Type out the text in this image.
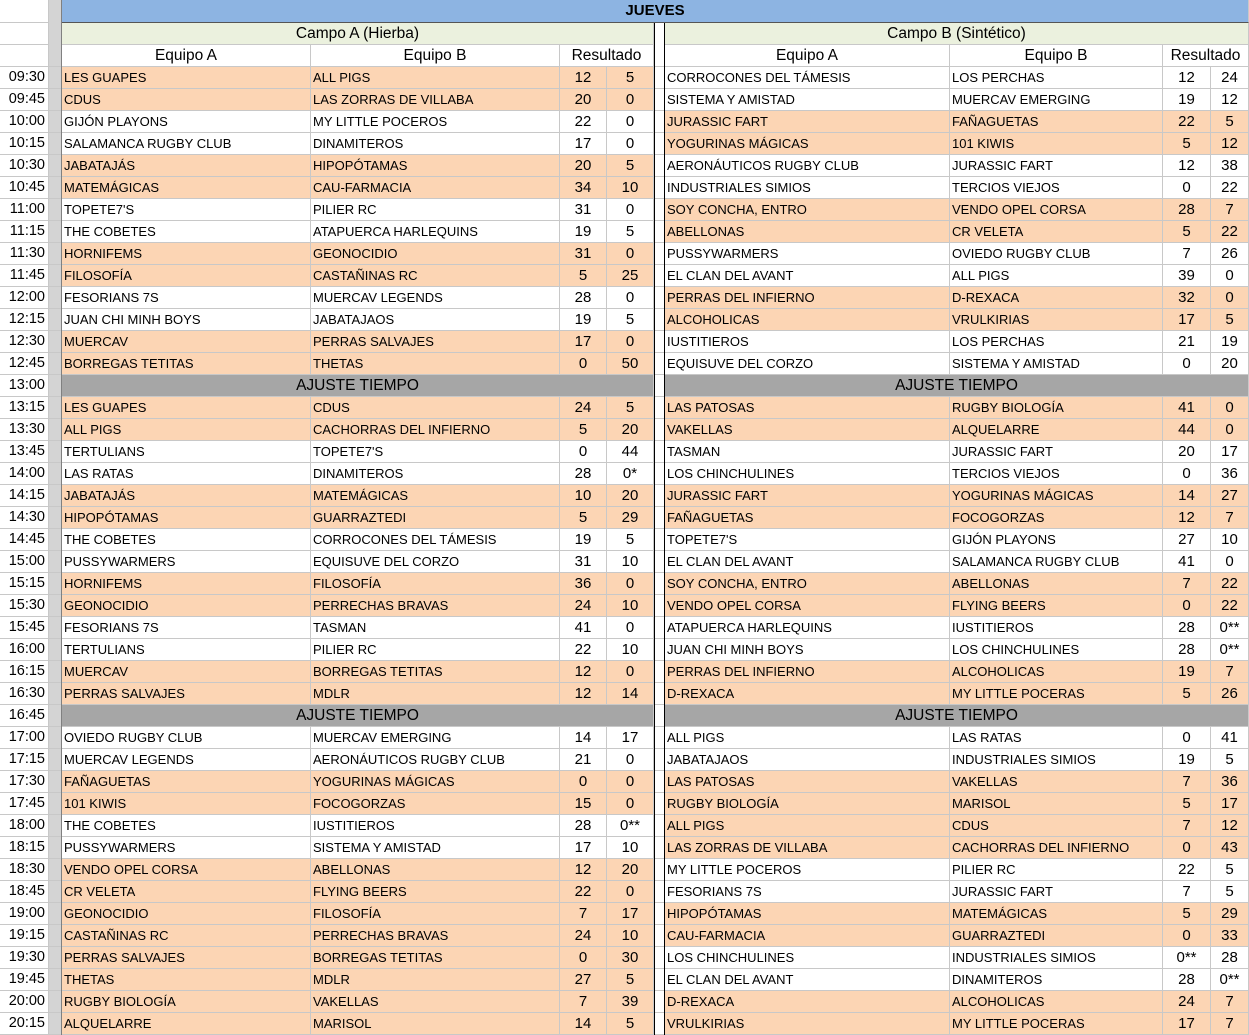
JUEVES
Campo A (Hierba)	Campo B (Sintético)
Equipo A	Equipo B	Resultado	Equipo A	Equipo B	Resultado
09:30	LES GUAPES	ALL PIGS	12	5	CORROCONES DEL TÁMESIS	LOS PERCHAS	12	24
09:45	CDUS	LAS ZORRAS DE VILLABA	20	0	SISTEMA Y AMISTAD	MUERCAV EMERGING	19	12
10:00	GIJÓN PLAYONS	MY LITTLE POCEROS	22	0	JURASSIC FART	FAÑAGUETAS	22	5
10:15	SALAMANCA RUGBY CLUB	DINAMITEROS	17	0	YOGURINAS MÁGICAS	101 KIWIS	5	12
10:30	JABATAJÁS	HIPOPÓTAMAS	20	5	AERONÁUTICOS RUGBY CLUB	JURASSIC FART	12	38
10:45	MATEMÁGICAS	CAU-FARMACIA	34	10	INDUSTRIALES SIMIOS	TERCIOS VIEJOS	0	22
11:00	TOPETE7'S	PILIER RC	31	0	SOY CONCHA, ENTRO	VENDO OPEL CORSA	28	7
11:15	THE COBETES	ATAPUERCA HARLEQUINS	19	5	ABELLONAS	CR VELETA	5	22
11:30	HORNIFEMS	GEONOCIDIO	31	0	PUSSYWARMERS	OVIEDO RUGBY CLUB	7	26
11:45	FILOSOFÍA	CASTAÑINAS RC	5	25	EL CLAN DEL AVANT	ALL PIGS	39	0
12:00	FESORIANS 7S	MUERCAV LEGENDS	28	0	PERRAS DEL INFIERNO	D-REXACA	32	0
12:15	JUAN CHI MINH BOYS	JABATAJAOS	19	5	ALCOHOLICAS	VRULKIRIAS	17	5
12:30	MUERCAV	PERRAS SALVAJES	17	0	IUSTITIEROS	LOS PERCHAS	21	19
12:45	BORREGAS TETITAS	THETAS	0	50	EQUISUVE DEL CORZO	SISTEMA Y AMISTAD	0	20
13:00	AJUSTE TIEMPO	AJUSTE TIEMPO
13:15	LES GUAPES	CDUS	24	5	LAS PATOSAS	RUGBY BIOLOGÍA	41	0
13:30	ALL PIGS	CACHORRAS DEL INFIERNO	5	20	VAKELLAS	ALQUELARRE	44	0
13:45	TERTULIANS	TOPETE7'S	0	44	TASMAN	JURASSIC FART	20	17
14:00	LAS RATAS	DINAMITEROS	28	0*	LOS CHINCHULINES	TERCIOS VIEJOS	0	36
14:15	JABATAJÁS	MATEMÁGICAS	10	20	JURASSIC FART	YOGURINAS MÁGICAS	14	27
14:30	HIPOPÓTAMAS	GUARRAZTEDI	5	29	FAÑAGUETAS	FOCOGORZAS	12	7
14:45	THE COBETES	CORROCONES DEL TÁMESIS	19	5	TOPETE7'S	GIJÓN PLAYONS	27	10
15:00	PUSSYWARMERS	EQUISUVE DEL CORZO	31	10	EL CLAN DEL AVANT	SALAMANCA RUGBY CLUB	41	0
15:15	HORNIFEMS	FILOSOFÍA	36	0	SOY CONCHA, ENTRO	ABELLONAS	7	22
15:30	GEONOCIDIO	PERRECHAS BRAVAS	24	10	VENDO OPEL CORSA	FLYING BEERS	0	22
15:45	FESORIANS 7S	TASMAN	41	0	ATAPUERCA HARLEQUINS	IUSTITIEROS	28	0**
16:00	TERTULIANS	PILIER RC	22	10	JUAN CHI MINH BOYS	LOS CHINCHULINES	28	0**
16:15	MUERCAV	BORREGAS TETITAS	12	0	PERRAS DEL INFIERNO	ALCOHOLICAS	19	7
16:30	PERRAS SALVAJES	MDLR	12	14	D-REXACA	MY LITTLE POCERAS	5	26
16:45	AJUSTE TIEMPO	AJUSTE TIEMPO
17:00	OVIEDO RUGBY CLUB	MUERCAV EMERGING	14	17	ALL PIGS	LAS RATAS	0	41
17:15	MUERCAV LEGENDS	AERONÁUTICOS RUGBY CLUB	21	0	JABATAJAOS	INDUSTRIALES SIMIOS	19	5
17:30	FAÑAGUETAS	YOGURINAS MÁGICAS	0	0	LAS PATOSAS	VAKELLAS	7	36
17:45	101 KIWIS	FOCOGORZAS	15	0	RUGBY BIOLOGÍA	MARISOL	5	17
18:00	THE COBETES	IUSTITIEROS	28	0**	ALL PIGS	CDUS	7	12
18:15	PUSSYWARMERS	SISTEMA Y AMISTAD	17	10	LAS ZORRAS DE VILLABA	CACHORRAS DEL INFIERNO	0	43
18:30	VENDO OPEL CORSA	ABELLONAS	12	20	MY LITTLE POCEROS	PILIER RC	22	5
18:45	CR VELETA	FLYING BEERS	22	0	FESORIANS 7S	JURASSIC FART	7	5
19:00	GEONOCIDIO	FILOSOFÍA	7	17	HIPOPÓTAMAS	MATEMÁGICAS	5	29
19:15	CASTAÑINAS RC	PERRECHAS BRAVAS	24	10	CAU-FARMACIA	GUARRAZTEDI	0	33
19:30	PERRAS SALVAJES	BORREGAS TETITAS	0	30	LOS CHINCHULINES	INDUSTRIALES SIMIOS	0**	28
19:45	THETAS	MDLR	27	5	EL CLAN DEL AVANT	DINAMITEROS	28	0**
20:00	RUGBY BIOLOGÍA	VAKELLAS	7	39	D-REXACA	ALCOHOLICAS	24	7
20:15	ALQUELARRE	MARISOL	14	5	VRULKIRIAS	MY LITTLE POCERAS	17	7
